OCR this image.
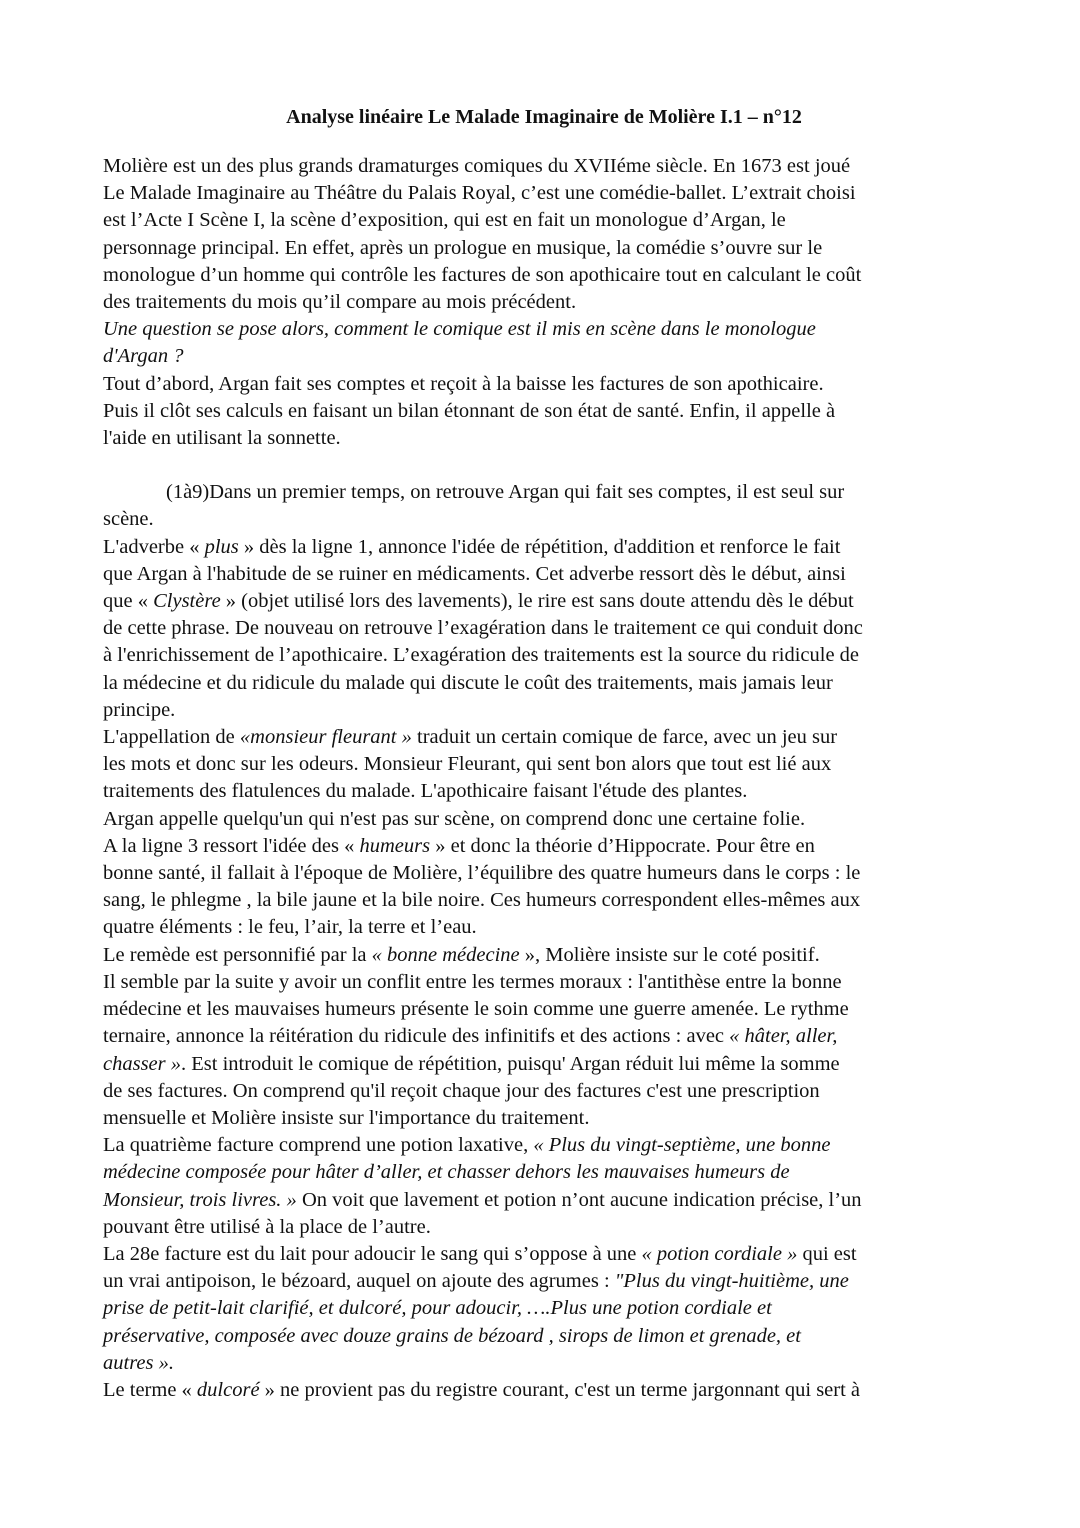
Analyse linéaire Le Malade Imaginaire de Molière I.1 – n°12
Molière est un des plus grands dramaturges comiques du XVIIéme siècle. En 1673 est joué
Le Malade Imaginaire au Théâtre du Palais Royal, c’est une comédie-ballet. L’extrait choisi
est l’Acte I Scène I, la scène d’exposition, qui est en fait un monologue d’Argan, le
personnage principal. En effet, après un prologue en musique, la comédie s’ouvre sur le
monologue d’un homme qui contrôle les factures de son apothicaire tout en calculant le coût
des traitements du mois qu’il compare au mois précédent.
Une question se pose alors, comment le comique est il mis en scène dans le monologue
d'Argan ?
Tout d’abord, Argan fait ses comptes et reçoit à la baisse les factures de son apothicaire.
Puis il clôt ses calculs en faisant un bilan étonnant de son état de santé. Enfin, il appelle à
l'aide en utilisant la sonnette.
(1à9)Dans un premier temps, on retrouve Argan qui fait ses comptes, il est seul sur
scène.
L'adverbe « plus » dès la ligne 1, annonce l'idée de répétition, d'addition et renforce le fait
que Argan à l'habitude de se ruiner en médicaments. Cet adverbe ressort dès le début, ainsi
que « Clystère » (objet utilisé lors des lavements), le rire est sans doute attendu dès le début
de cette phrase. De nouveau on retrouve l’exagération dans le traitement ce qui conduit donc
à l'enrichissement de l’apothicaire. L’exagération des traitements est la source du ridicule de
la médecine et du ridicule du malade qui discute le coût des traitements, mais jamais leur
principe.
L'appellation de «monsieur fleurant » traduit un certain comique de farce, avec un jeu sur
les mots et donc sur les odeurs. Monsieur Fleurant, qui sent bon alors que tout est lié aux
traitements des flatulences du malade. L'apothicaire faisant l'étude des plantes.
Argan appelle quelqu'un qui n'est pas sur scène, on comprend donc une certaine folie.
A la ligne 3 ressort l'idée des « humeurs » et donc la théorie d’Hippocrate. Pour être en
bonne santé, il fallait à l'époque de Molière, l’équilibre des quatre humeurs dans le corps : le
sang, le phlegme , la bile jaune et la bile noire. Ces humeurs correspondent elles-mêmes aux
quatre éléments : le feu, l’air, la terre et l’eau.
Le remède est personnifié par la « bonne médecine », Molière insiste sur le coté positif.
Il semble par la suite y avoir un conflit entre les termes moraux : l'antithèse entre la bonne
médecine et les mauvaises humeurs présente le soin comme une guerre amenée. Le rythme
ternaire, annonce la réitération du ridicule des infinitifs et des actions : avec « hâter, aller,
chasser ». Est introduit le comique de répétition, puisqu' Argan réduit lui même la somme
de ses factures. On comprend qu'il reçoit chaque jour des factures c'est une prescription
mensuelle et Molière insiste sur l'importance du traitement.
La quatrième facture comprend une potion laxative, « Plus du vingt-septième, une bonne
médecine composée pour hâter d’aller, et chasser dehors les mauvaises humeurs de
Monsieur, trois livres. » On voit que lavement et potion n’ont aucune indication précise, l’un
pouvant être utilisé à la place de l’autre.
La 28e facture est du lait pour adoucir le sang qui s’oppose à une « potion cordiale » qui est
un vrai antipoison, le bézoard, auquel on ajoute des agrumes : "Plus du vingt-huitième, une
prise de petit-lait clarifié, et dulcoré, pour adoucir, ….Plus une potion cordiale et
préservative, composée avec douze grains de bézoard , sirops de limon et grenade, et
autres ».
Le terme « dulcoré » ne provient pas du registre courant, c'est un terme jargonnant qui sert à
